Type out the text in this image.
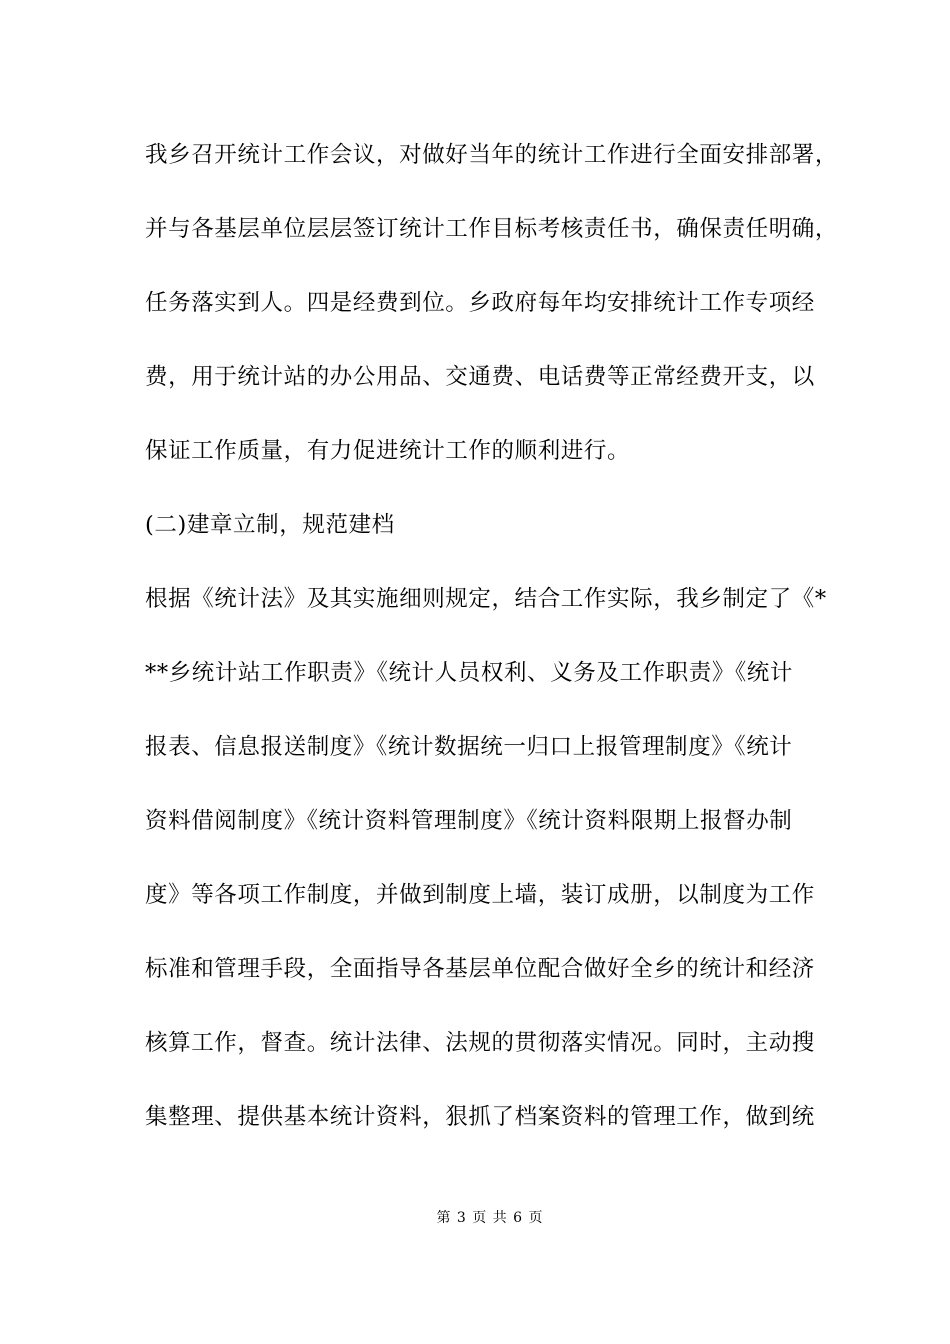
我乡召开统计工作会议，对做好当年的统计工作进行全面安排部署，
并与各基层单位层层签订统计工作目标考核责任书，确保责任明确，
任务落实到人。四是经费到位。乡政府每年均安排统计工作专项经
费，用于统计站的办公用品、交通费、电话费等正常经费开支，以
保证工作质量，有力促进统计工作的顺利进行。
(二)建章立制，规范建档
根据《统计法》及其实施细则规定，结合工作实际，我乡制定了《*
**乡统计站工作职责》《统计人员权利、义务及工作职责》《统计
报表、信息报送制度》《统计数据统一归口上报管理制度》《统计
资料借阅制度》《统计资料管理制度》《统计资料限期上报督办制
度》等各项工作制度，并做到制度上墙，装订成册，以制度为工作
标准和管理手段，全面指导各基层单位配合做好全乡的统计和经济
核算工作，督查。统计法律、法规的贯彻落实情况。同时，主动搜
集整理、提供基本统计资料，狠抓了档案资料的管理工作，做到统
第 3 页 共 6 页
